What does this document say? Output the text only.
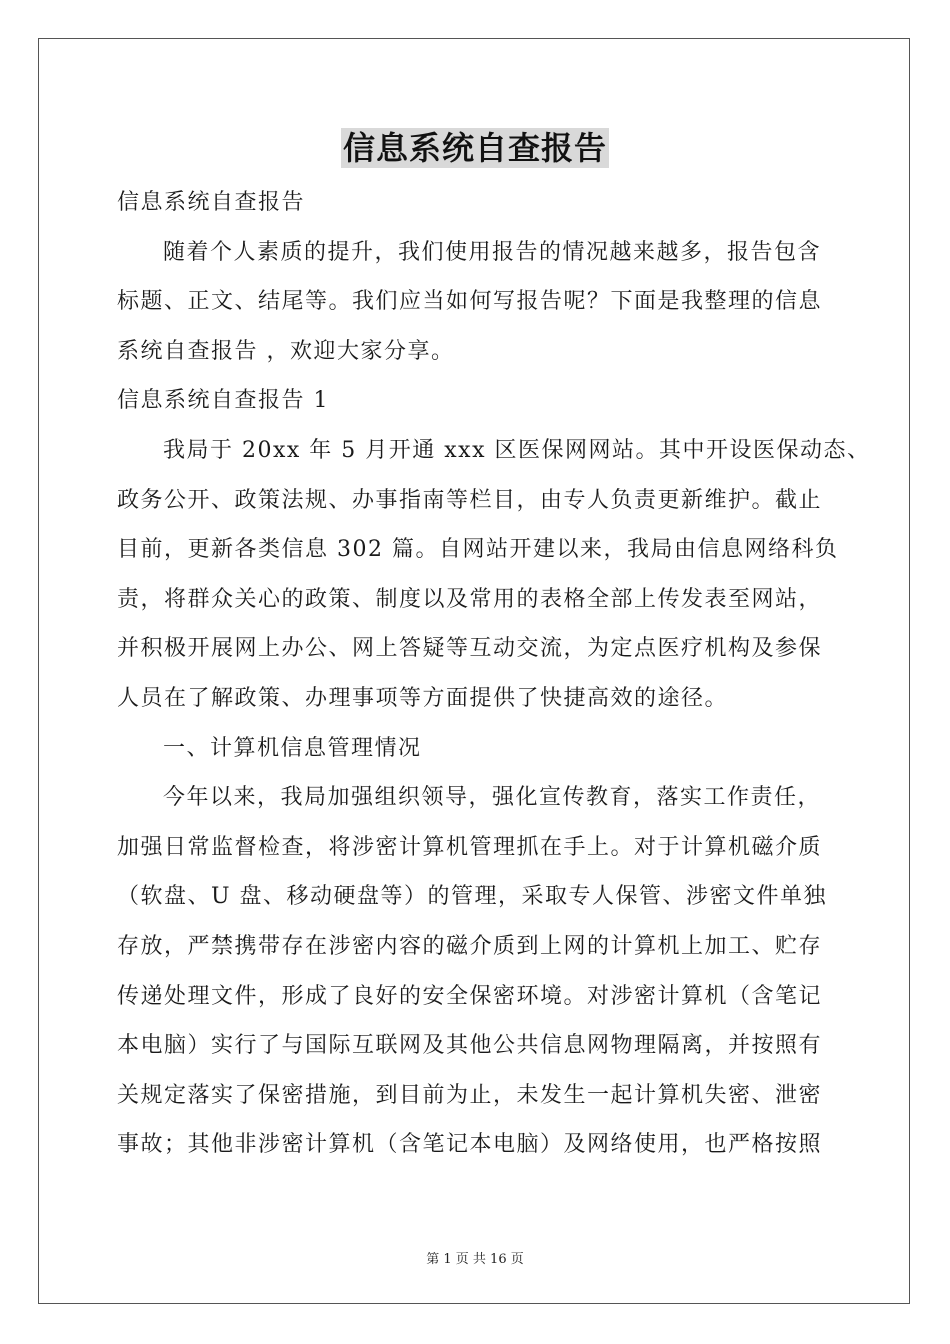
信息系统自查报告
信息系统自查报告
随着个人素质的提升，我们使用报告的情况越来越多，报告包含
标题、正文、结尾等。我们应当如何写报告呢？下面是我整理的信息
系统自查报告 ，欢迎大家分享。
信息系统自查报告 1
我局于 20xx 年 5 月开通 xxx 区医保网网站。其中开设医保动态、
政务公开、政策法规、办事指南等栏目，由专人负责更新维护。截止
目前，更新各类信息 302 篇。自网站开建以来，我局由信息网络科负
责，将群众关心的政策、制度以及常用的表格全部上传发表至网站，
并积极开展网上办公、网上答疑等互动交流，为定点医疗机构及参保
人员在了解政策、办理事项等方面提供了快捷高效的途径。
一、计算机信息管理情况
今年以来，我局加强组织领导，强化宣传教育，落实工作责任，
加强日常监督检查，将涉密计算机管理抓在手上。对于计算机磁介质
（软盘、U 盘、移动硬盘等）的管理，采取专人保管、涉密文件单独
存放，严禁携带存在涉密内容的磁介质到上网的计算机上加工、贮存
传递处理文件，形成了良好的安全保密环境。对涉密计算机（含笔记
本电脑）实行了与国际互联网及其他公共信息网物理隔离，并按照有
关规定落实了保密措施，到目前为止，未发生一起计算机失密、泄密
事故；其他非涉密计算机（含笔记本电脑）及网络使用，也严格按照
第 1 页 共 16 页
